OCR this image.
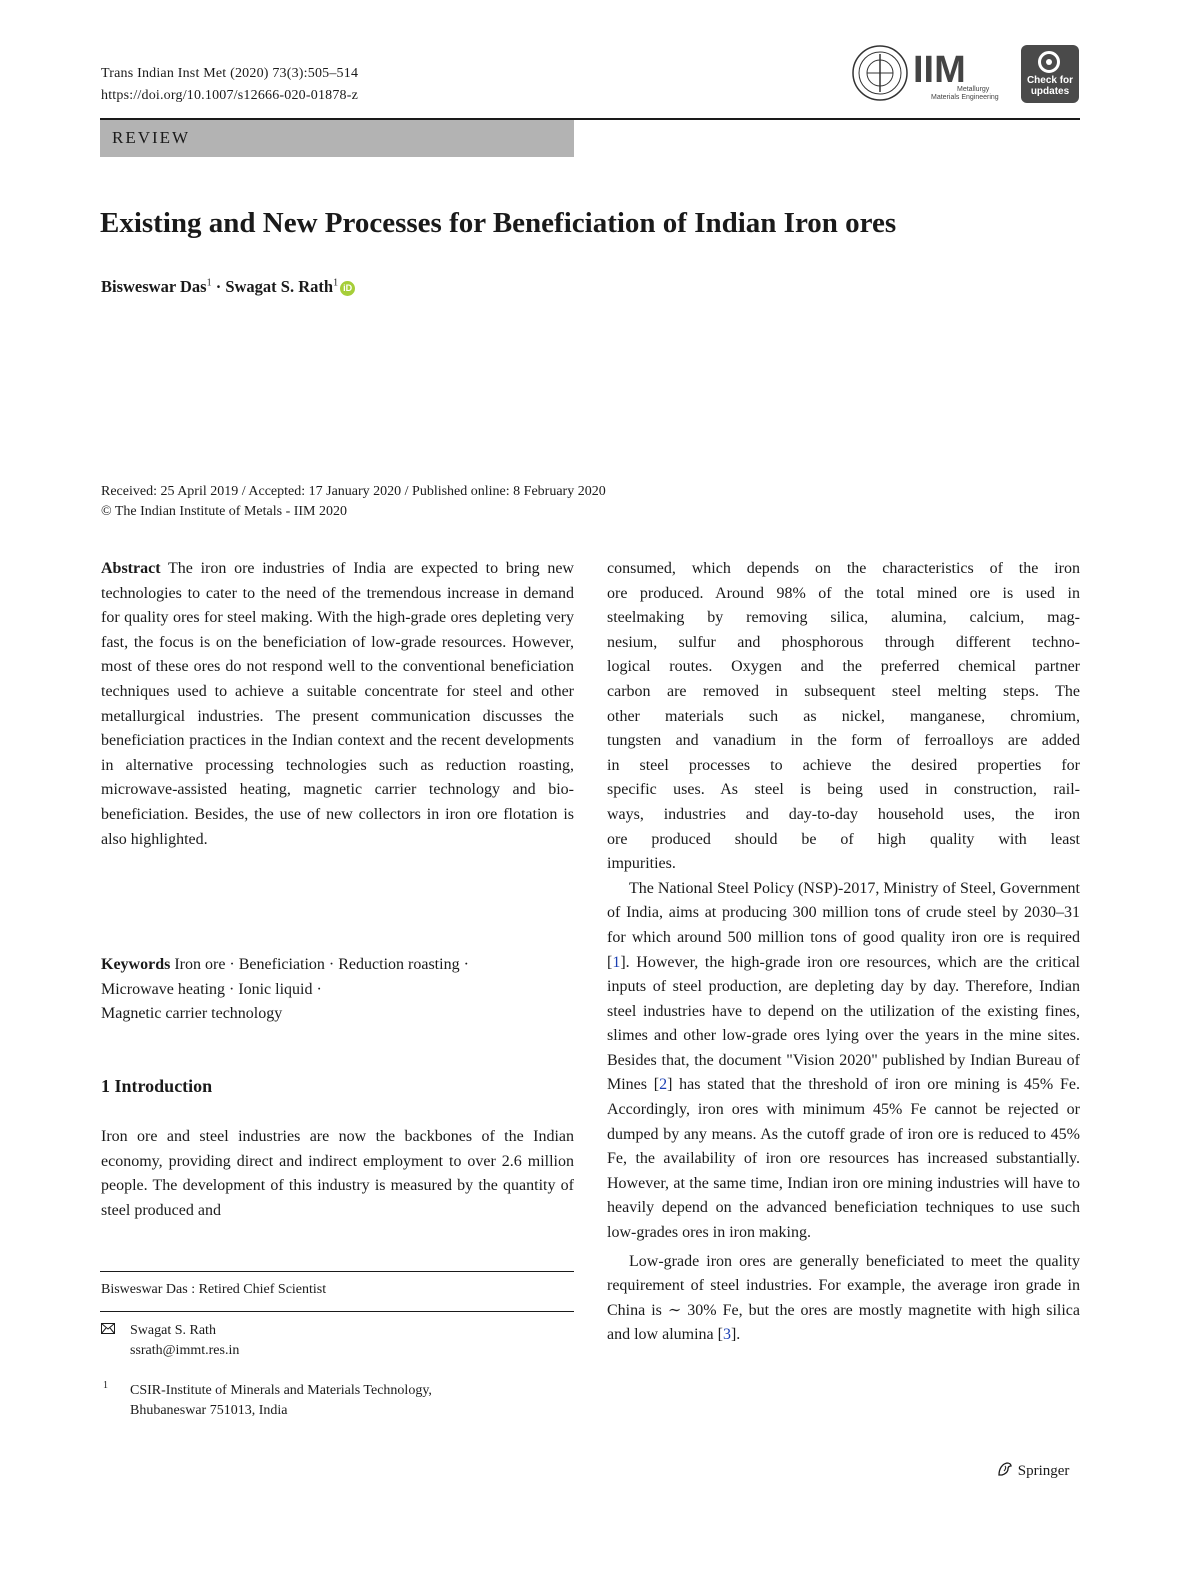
Trans Indian Inst Met (2020) 73(3):505–514
https://doi.org/10.1007/s12666-020-01878-z
IIM
Metallurgy
Materials Engineering
Check for
updates
REVIEW
Existing and New Processes for Beneficiation of Indian Iron ores
Bisweswar Das$^1$ · Swagat S. Rath$^1$ iD
Received: 25 April 2019 / Accepted: 17 January 2020 / Published online: 8 February 2020
© The Indian Institute of Metals - IIM 2020

Abstract The iron ore industries of India are expected to bring new technologies to cater to the need of the tremendous increase in demand for quality ores for steel making. With the high-grade ores depleting very fast, the focus is on the beneficiation of low-grade resources. However, most of these ores do not respond well to the conventional beneficiation techniques used to achieve a suitable concentrate for steel and other metallurgical industries. The present communication discusses the beneficiation practices in the Indian context and the recent developments in alternative processing technologies such as reduction roasting, microwave-assisted heating, magnetic carrier technology and bio-beneficiation. Besides, the use of new collectors in iron ore flotation is also highlighted.

Keywords Iron ore · Beneficiation · Reduction roasting ·
Microwave heating · Ionic liquid ·
Magnetic carrier technology
1 Introduction

Iron ore and steel industries are now the backbones of the Indian economy, providing direct and indirect employment to over 2.6 million people. The development of this industry is measured by the quantity of steel produced and

consumed, which depends on the characteristics of the iron
ore produced. Around 98% of the total mined ore is used in
steelmaking by removing silica, alumina, calcium, mag-
nesium, sulfur and phosphorous through different techno-
logical routes. Oxygen and the preferred chemical partner
carbon are removed in subsequent steel melting steps. The
other materials such as nickel, manganese, chromium,
tungsten and vanadium in the form of ferroalloys are added
in steel processes to achieve the desired properties for
specific uses. As steel is being used in construction, rail-
ways, industries and day-to-day household uses, the iron
ore produced should be of high quality with least
impurities.

The National Steel Policy (NSP)-2017, Ministry of Steel, Government of India, aims at producing 300 million tons of crude steel by 2030–31 for which around 500 million tons of good quality iron ore is required [1]. However, the high-grade iron ore resources, which are the critical inputs of steel production, are depleting day by day. Therefore, Indian steel industries have to depend on the utilization of the existing fines, slimes and other low-grade ores lying over the years in the mine sites. Besides that, the document "Vision 2020" published by Indian Bureau of Mines [2] has stated that the threshold of iron ore mining is 45% Fe. Accordingly, iron ores with minimum 45% Fe cannot be rejected or dumped by any means. As the cutoff grade of iron ore is reduced to 45% Fe, the availability of iron ore resources has increased substantially. However, at the same time, Indian iron ore mining industries will have to heavily depend on the advanced beneficiation techniques to use such low-grades ores in iron making.

Low-grade iron ores are generally beneficiated to meet the quality requirement of steel industries. For example, the average iron grade in China is ∼ 30% Fe, but the ores are mostly magnetite with high silica and low alumina [3].

Bisweswar Das : Retired Chief Scientist
Swagat S. Rath
ssrath@immt.res.in
1 CSIR-Institute of Minerals and Materials Technology,
Bhubaneswar 751013, India
Springer
